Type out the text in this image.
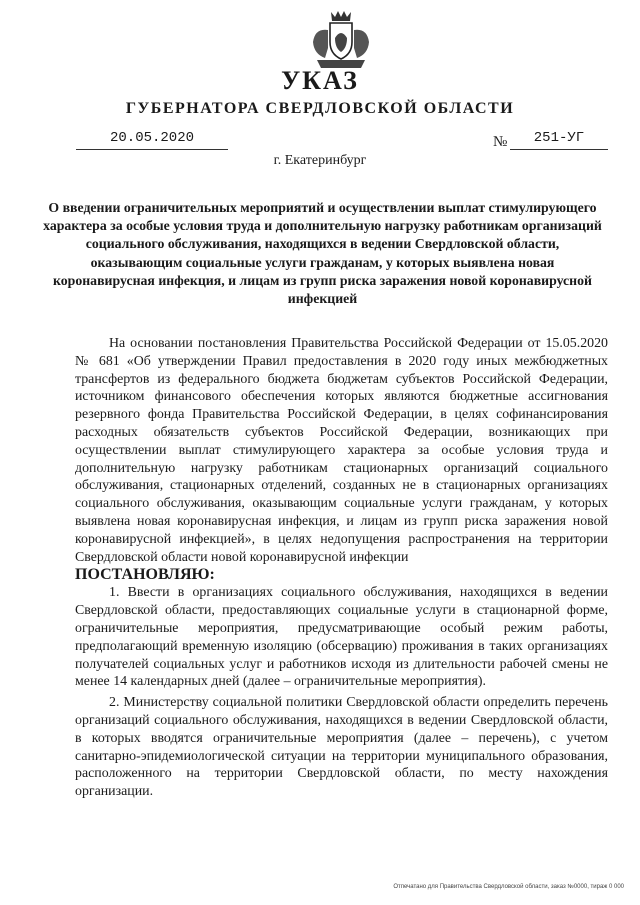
УКАЗ
ГУБЕРНАТОРА СВЕРДЛОВСКОЙ ОБЛАСТИ
20.05.2020	№	251-УГ
г. Екатеринбург
О введении ограничительных мероприятий и осуществлении выплат стимулирующего характера за особые условия труда и дополнительную нагрузку работникам организаций социального обслуживания, находящихся в ведении Свердловской области, оказывающим социальные услуги гражданам, у которых выявлена новая коронавирусная инфекция, и лицам из групп риска заражения новой коронавирусной инфекцией

На основании постановления Правительства Российской Федерации от 15.05.2020 № 681 «Об утверждении Правил предоставления в 2020 году иных межбюджетных трансфертов из федерального бюджета бюджетам субъектов Российской Федерации, источником финансового обеспечения которых являются бюджетные ассигнования резервного фонда Правительства Российской Федерации, в целях софинансирования расходных обязательств субъектов Российской Федерации, возникающих при осуществлении выплат стимулирующего характера за особые условия труда и дополнительную нагрузку работникам стационарных организаций социального обслуживания, стационарных отделений, созданных не в стационарных организациях социального обслуживания, оказывающим социальные услуги гражданам, у которых выявлена новая коронавирусная инфекция, и лицам из групп риска заражения новой коронавирусной инфекцией», в целях недопущения распространения на территории Свердловской области новой коронавирусной инфекции

ПОСТАНОВЛЯЮ:

1. Ввести в организациях социального обслуживания, находящихся в ведении Свердловской области, предоставляющих социальные услуги в стационарной форме, ограничительные мероприятия, предусматривающие особый режим работы, предполагающий временную изоляцию (обсервацию) проживания в таких организациях получателей социальных услуг и работников исходя из длительности рабочей смены не менее 14 календарных дней (далее – ограничительные мероприятия).

2. Министерству социальной политики Свердловской области определить перечень организаций социального обслуживания, находящихся в ведении Свердловской области, в которых вводятся ограничительные мероприятия (далее – перечень), с учетом санитарно-эпидемиологической ситуации на территории муниципального образования, расположенного на территории Свердловской области, по месту нахождения организации.

Отпечатано для Правительства Свердловской области, заказ №0000, тираж 0 000
